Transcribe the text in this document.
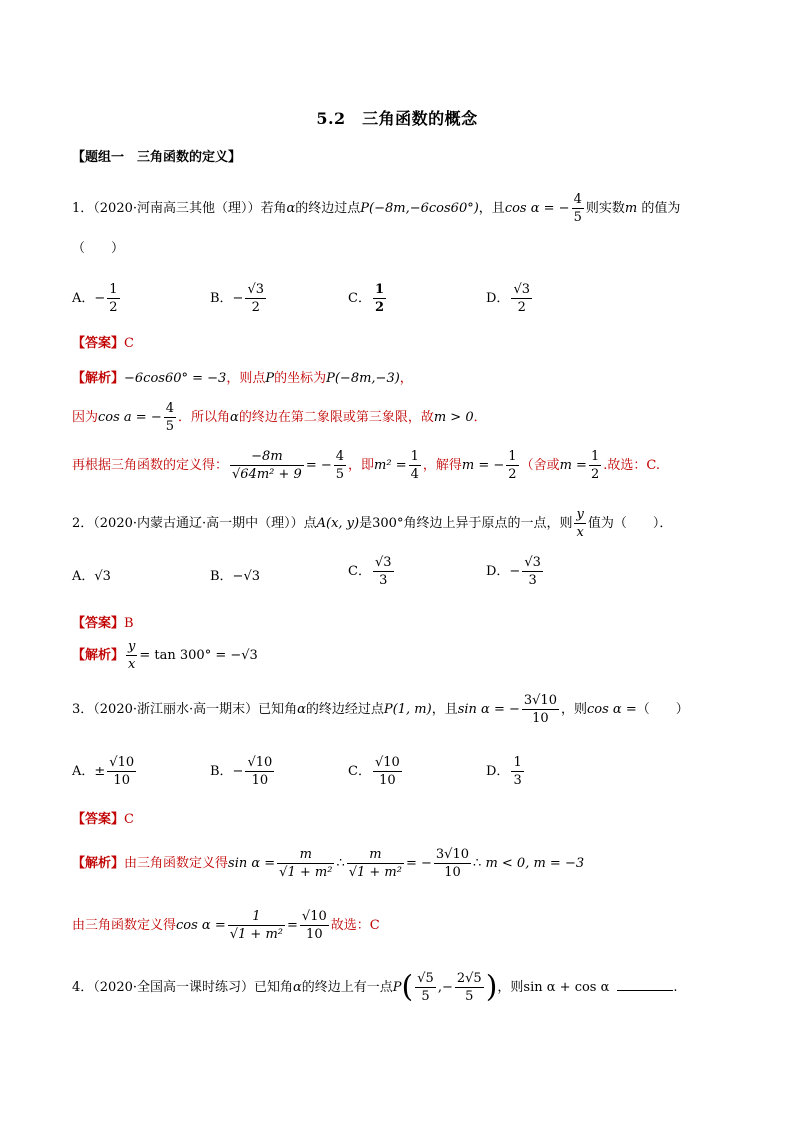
5.2　三角函数的概念
【题组一　三角函数的定义】
1．（2020·河南高三其他（理））若角α的终边过点P(−8m,−6cos60°)，且cos α = − $\frac{4}{5}$ 则实数m 的值为
（　　）
A．− $\frac{1}{2}$	B．− $\frac{√3}{2}$	C． $\frac{1}{2}$	D． $\frac{√3}{2}$
【答案】C
【解析】−6cos60° = −3，则点P的坐标为P(−8m,−3)，
因为cos a = − $\frac{4}{5}$ ．所以角α的终边在第二象限或第三象限，故m > 0．
再根据三角函数的定义得： $\frac{-8m}{\text{√64m² + 9}}$ = − $\frac{4}{5}$ ，即$m^2 = \frac{1}{4}$ ，解得m = − $\frac{1}{2}$ （舍或$m = \frac{1}{2}$ .故选：C.
2．（2020·内蒙古通辽·高一期中（理））点A(x, y)是300°角终边上异于原点的一点，则 $\frac{y}{x}$ 值为（　　）．
A．√3	B．−√3	C． $\frac{√3}{3}$	D．− $\frac{√3}{3}$
【答案】B
【解析】 $\frac{y}{x} = \tan 300^\circ = -√3$
3．（2020·浙江丽水·高一期末）已知角α的终边经过点P(1, m)，且sin α = − $\frac{3√10}{10}$ ，则cos α =（　　）
A．± $\frac{√10}{10}$	B．− $\frac{√10}{10}$	C． $\frac{√10}{10}$	D． $\frac{1}{3}$
【答案】C
【解析】由三角函数定义得$\sin \alpha = \frac{m}{\text{√1 + m²}}$ ∴ $\frac{m}{\text{√1 + m²}}$ = − $\frac{3√10}{10}$ ∴ m < 0, m = −3
由三角函数定义得$\cos \alpha = \frac{1}{\text{√1 + m²}} = \frac{√10}{10}$ 故选：C
4．（2020·全国高一课时练习）已知角α的终边上有一点$P( \frac{√5}{5}$ ,− $\frac{2√5}{5}$ )，则sin α + cos α	.
